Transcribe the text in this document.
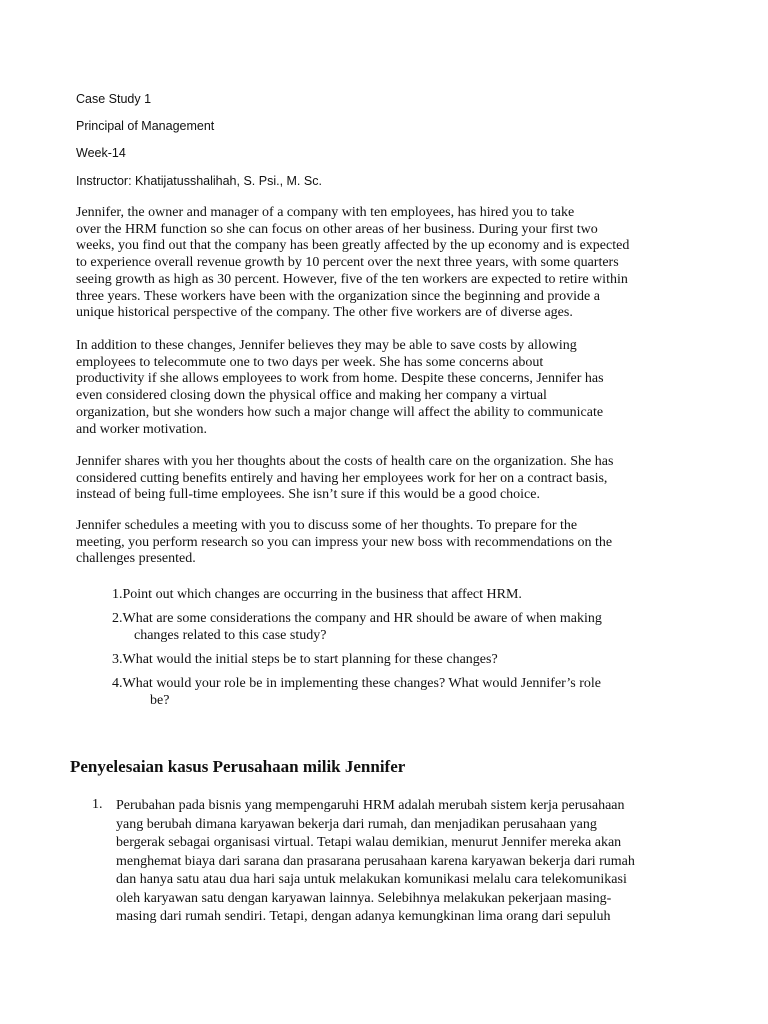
Case Study 1

Principal of Management

Week-14

Instructor: Khatijatusshalihah, S. Psi., M. Sc.

Jennifer, the owner and manager of a company with ten employees, has hired you to take
over the HRM function so she can focus on other areas of her business. During your first two
weeks, you find out that the company has been greatly affected by the up economy and is expected
to experience overall revenue growth by 10 percent over the next three years, with some quarters
seeing growth as high as 30 percent. However, five of the ten workers are expected to retire within
three years. These workers have been with the organization since the beginning and provide a
unique historical perspective of the company. The other five workers are of diverse ages.

In addition to these changes, Jennifer believes they may be able to save costs by allowing
employees to telecommute one to two days per week. She has some concerns about
productivity if she allows employees to work from home. Despite these concerns, Jennifer has
even considered closing down the physical office and making her company a virtual
organization, but she wonders how such a major change will affect the ability to communicate
and worker motivation.

Jennifer shares with you her thoughts about the costs of health care on the organization. She has
considered cutting benefits entirely and having her employees work for her on a contract basis,
instead of being full-time employees. She isn’t sure if this would be a good choice.

Jennifer schedules a meeting with you to discuss some of her thoughts. To prepare for the
meeting, you perform research so you can impress your new boss with recommendations on the
challenges presented.

1.Point out which changes are occurring in the business that affect HRM.
2.What are some considerations the company and HR should be aware of when making
changes related to this case study?
3.What would the initial steps be to start planning for these changes?
4.What would your role be in implementing these changes? What would Jennifer’s role
be?
Penyelesaian kasus Perusahaan milik Jennifer
1. Perubahan pada bisnis yang mempengaruhi HRM adalah merubah sistem kerja perusahaan
yang berubah dimana karyawan bekerja dari rumah, dan menjadikan perusahaan yang
bergerak sebagai organisasi virtual. Tetapi walau demikian, menurut Jennifer mereka akan
menghemat biaya dari sarana dan prasarana perusahaan karena karyawan bekerja dari rumah
dan hanya satu atau dua hari saja untuk melakukan komunikasi melalu cara telekomunikasi
oleh karyawan satu dengan karyawan lainnya. Selebihnya melakukan pekerjaan masing-
masing dari rumah sendiri. Tetapi, dengan adanya kemungkinan lima orang dari sepuluh
